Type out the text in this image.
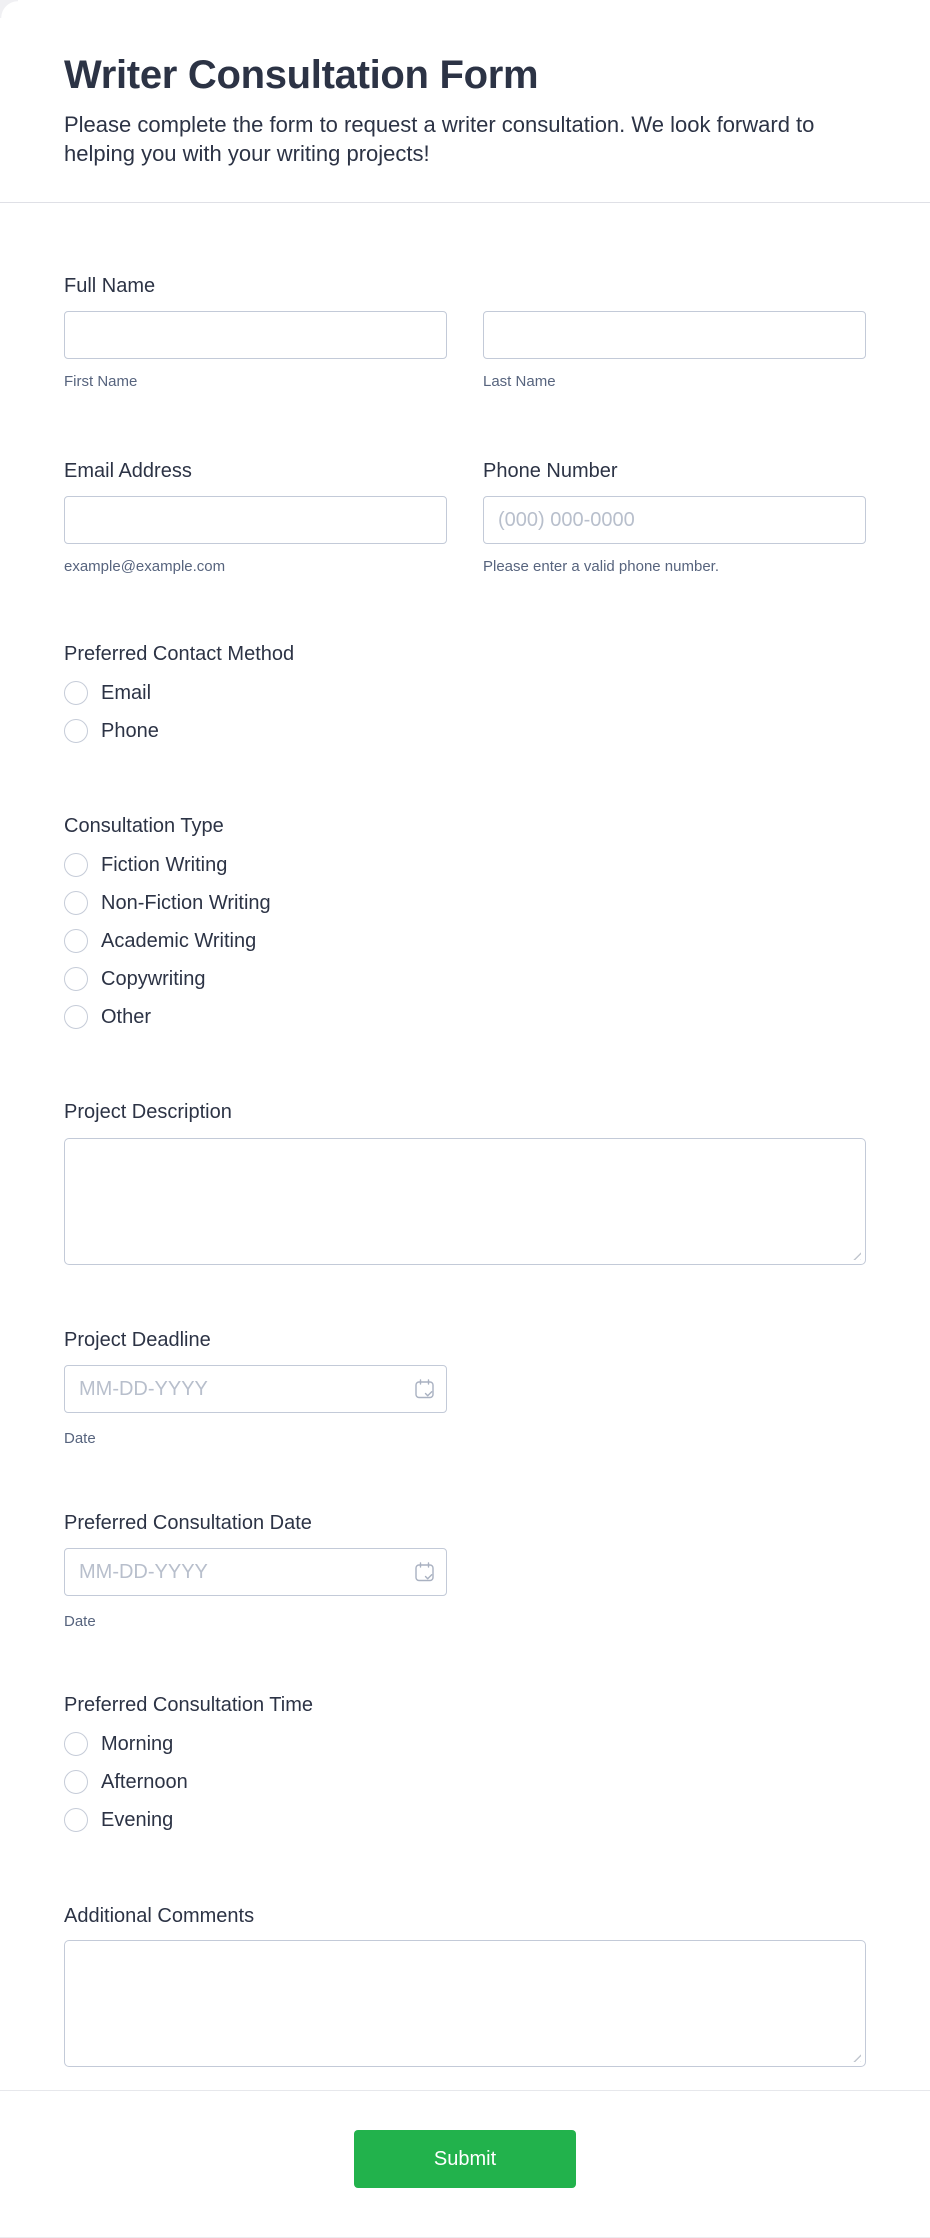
Writer Consultation Form

Please complete the form to request a writer consultation. We look forward to helping you with your writing projects!

Full Name
First Name	Last Name
Email Address
example@example.com
Phone Number
(000) 000-0000
Please enter a valid phone number.
Preferred Contact Method
Email
Phone
Consultation Type
Fiction Writing
Non-Fiction Writing
Academic Writing
Copywriting
Other
Project Description
Project Deadline
MM-DD-YYYY
Date
Preferred Consultation Date
MM-DD-YYYY
Date
Preferred Consultation Time
Morning
Afternoon
Evening
Additional Comments
Submit
